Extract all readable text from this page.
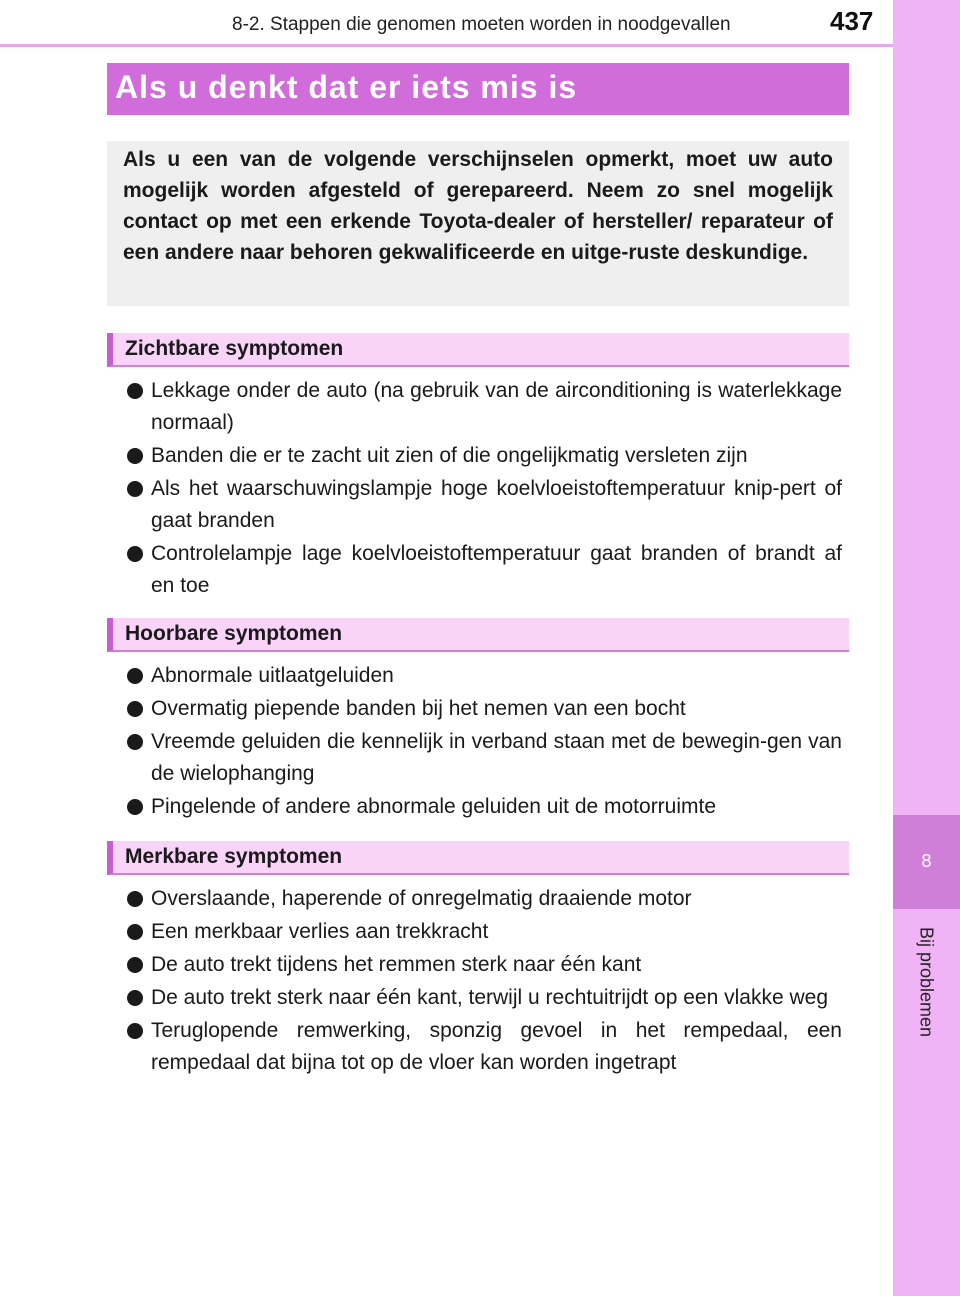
8-2. Stappen die genomen moeten worden in noodgevallen	437
8
Bij problemen
Als u denkt dat er iets mis is
Als u een van de volgende verschijnselen opmerkt, moet uw auto mogelijk worden afgesteld of gerepareerd. Neem zo snel mogelijk contact op met een erkende Toyota-dealer of hersteller/ reparateur of een andere naar behoren gekwalificeerde en uitge-ruste deskundige.
Zichtbare symptomen
Lekkage onder de auto (na gebruik van de airconditioning is waterlekkage normaal)
Banden die er te zacht uit zien of die ongelijkmatig versleten zijn
Als het waarschuwingslampje hoge koelvloeistoftemperatuur knip-pert of gaat branden
Controlelampje lage koelvloeistoftemperatuur gaat branden of brandt af en toe
Hoorbare symptomen
Abnormale uitlaatgeluiden
Overmatig piepende banden bij het nemen van een bocht
Vreemde geluiden die kennelijk in verband staan met de bewegin-gen van de wielophanging
Pingelende of andere abnormale geluiden uit de motorruimte
Merkbare symptomen
Overslaande, haperende of onregelmatig draaiende motor
Een merkbaar verlies aan trekkracht
De auto trekt tijdens het remmen sterk naar één kant
De auto trekt sterk naar één kant, terwijl u rechtuitrijdt op een vlakke weg
Teruglopende remwerking, sponzig gevoel in het rempedaal, een rempedaal dat bijna tot op de vloer kan worden ingetrapt
